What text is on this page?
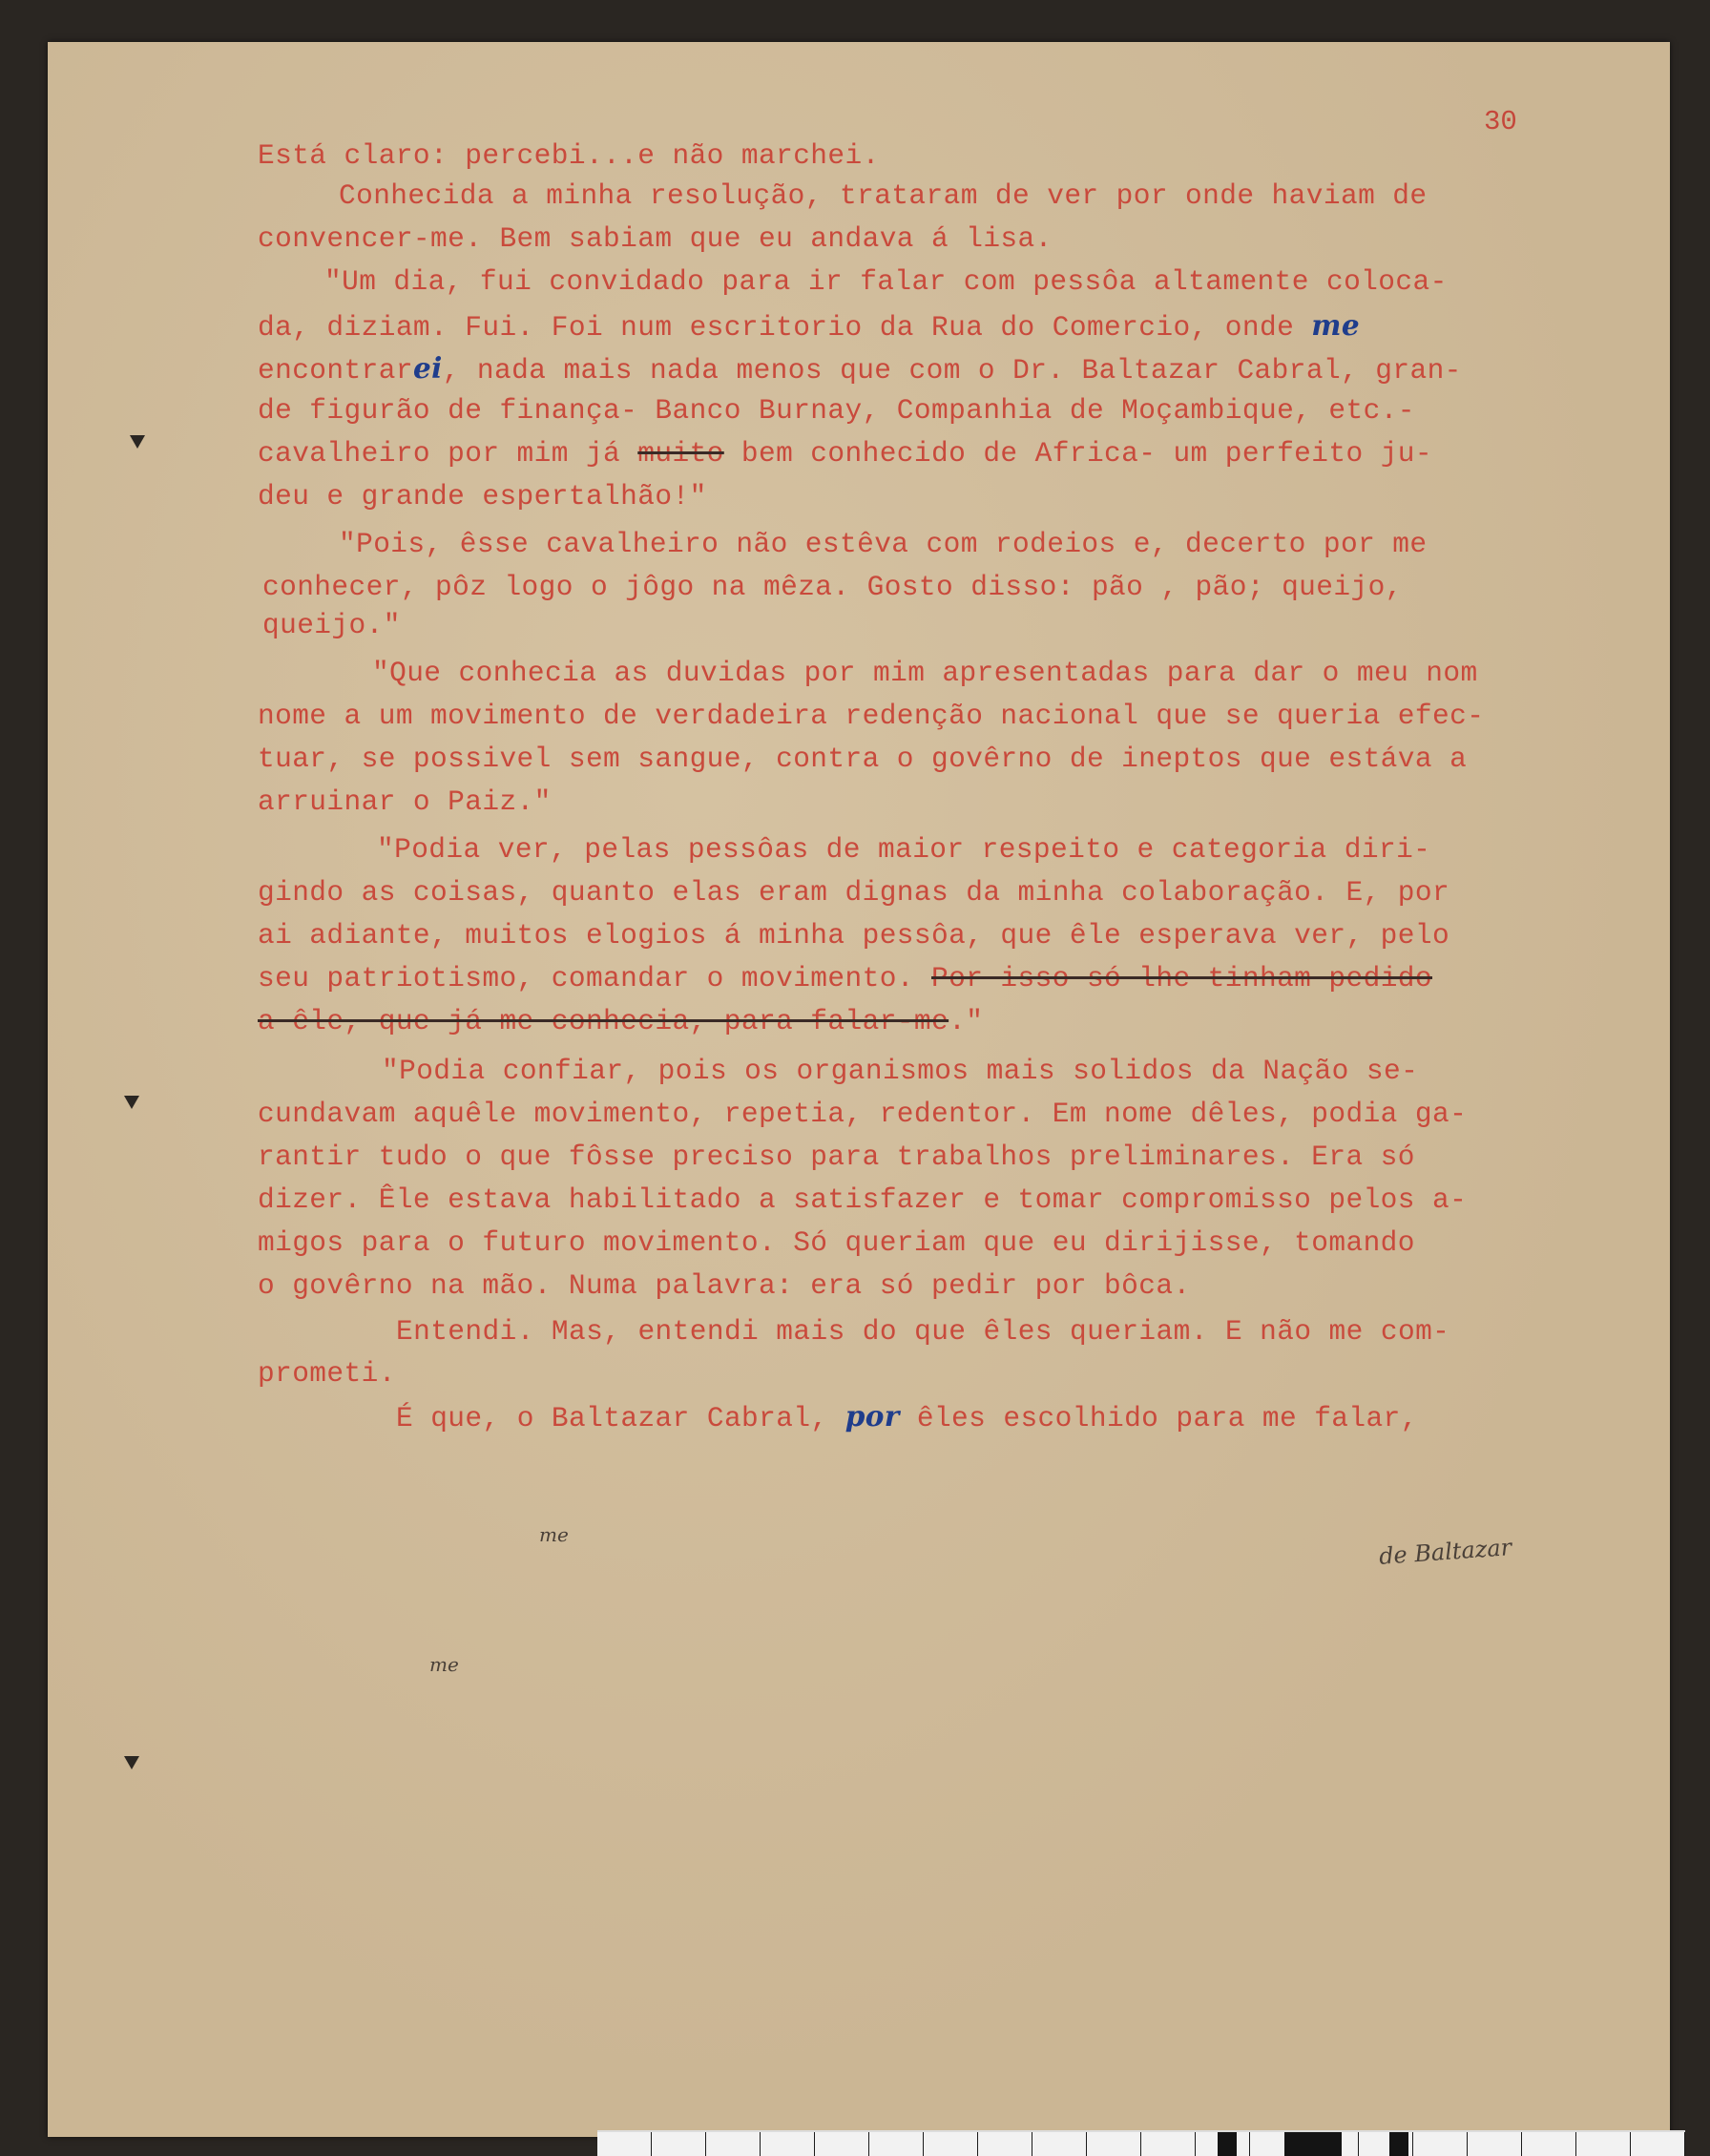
30
Está claro: percebi...e não marchei.
Conhecida a minha resolução, trataram de ver por onde haviam de
convencer-me. Bem sabiam que eu andava á lisa.
"Um dia, fui convidado para ir falar com pessôa altamente coloca-
da, diziam. Fui. Foi num escritorio da Rua do Comercio, onde me
encontrarei, nada mais nada menos que com o Dr. Baltazar Cabral, gran-
de figurão de finança- Banco Burnay, Companhia de Moçambique, etc.-
cavalheiro por mim já muito bem conhecido de Africa- um perfeito ju-
deu e grande espertalhão!"
"Pois, êsse cavalheiro não estêva com rodeios e, decerto por me
conhecer, pôz logo o jôgo na mêza. Gosto disso: pão , pão; queijo,
queijo."
"Que conhecia as duvidas por mim apresentadas para dar o meu nom
nome a um movimento de verdadeira redenção nacional que se queria efec-
tuar, se possivel sem sangue, contra o govêrno de ineptos que estáva a
arruinar o Paiz."
"Podia ver, pelas pessôas de maior respeito e categoria diri-
gindo as coisas, quanto elas eram dignas da minha colaboração. E, por
ai adiante, muitos elogios á minha pessôa, que êle esperava ver, pelo
seu patriotismo, comandar o movimento. Por isso só lhe tinham pedido
a êle, que já me conhecia, para falar-me."
"Podia confiar, pois os organismos mais solidos da Nação se-
cundavam aquêle movimento, repetia, redentor. Em nome dêles, podia ga-
rantir tudo o que fôsse preciso para trabalhos preliminares. Era só
dizer. Êle estava habilitado a satisfazer e tomar compromisso pelos a-
migos para o futuro movimento. Só queriam que eu dirijisse, tomando
o govêrno na mão. Numa palavra: era só pedir por bôca.
Entendi. Mas, entendi mais do que êles queriam. E não me com-
prometi.
É que, o Baltazar Cabral, por êles escolhido para me falar,
de Baltazar
me
me
